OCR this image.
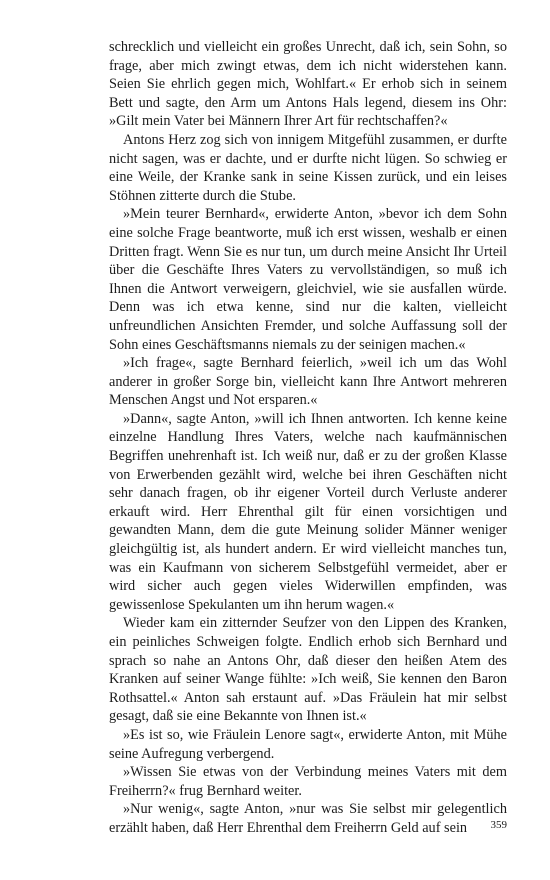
schrecklich und vielleicht ein großes Unrecht, daß ich, sein Sohn, so frage, aber mich zwingt etwas, dem ich nicht widerstehen kann. Seien Sie ehrlich gegen mich, Wohlfart.« Er erhob sich in seinem Bett und sagte, den Arm um Antons Hals legend, diesem ins Ohr: »Gilt mein Vater bei Männern Ihrer Art für rechtschaffen?«

Antons Herz zog sich von innigem Mitgefühl zusammen, er durfte nicht sagen, was er dachte, und er durfte nicht lügen. So schwieg er eine Weile, der Kranke sank in seine Kissen zurück, und ein leises Stöhnen zitterte durch die Stube.

»Mein teurer Bernhard«, erwiderte Anton, »bevor ich dem Sohn eine solche Frage beantworte, muß ich erst wissen, weshalb er einen Dritten fragt. Wenn Sie es nur tun, um durch meine Ansicht Ihr Urteil über die Geschäfte Ihres Vaters zu vervollständigen, so muß ich Ihnen die Antwort verweigern, gleichviel, wie sie ausfallen würde. Denn was ich etwa kenne, sind nur die kalten, vielleicht unfreundlichen Ansichten Fremder, und solche Auffassung soll der Sohn eines Geschäftsmanns niemals zu der seinigen machen.«

»Ich frage«, sagte Bernhard feierlich, »weil ich um das Wohl anderer in großer Sorge bin, vielleicht kann Ihre Antwort mehreren Menschen Angst und Not ersparen.«

»Dann«, sagte Anton, »will ich Ihnen antworten. Ich kenne keine einzelne Handlung Ihres Vaters, welche nach kaufmännischen Begriffen unehrenhaft ist. Ich weiß nur, daß er zu der großen Klasse von Erwerbenden gezählt wird, welche bei ihren Geschäften nicht sehr danach fragen, ob ihr eigener Vorteil durch Verluste anderer erkauft wird. Herr Ehrenthal gilt für einen vorsichtigen und gewandten Mann, dem die gute Meinung solider Männer weniger gleichgültig ist, als hundert andern. Er wird vielleicht manches tun, was ein Kaufmann von sicherem Selbstgefühl vermeidet, aber er wird sicher auch gegen vieles Widerwillen empfinden, was gewissenlose Spekulanten um ihn herum wagen.«

Wieder kam ein zitternder Seufzer von den Lippen des Kranken, ein peinliches Schweigen folgte. Endlich erhob sich Bernhard und sprach so nahe an Antons Ohr, daß dieser den heißen Atem des Kranken auf seiner Wange fühlte: »Ich weiß, Sie kennen den Baron Rothsattel.« Anton sah erstaunt auf. »Das Fräulein hat mir selbst gesagt, daß sie eine Bekannte von Ihnen ist.«

»Es ist so, wie Fräulein Lenore sagt«, erwiderte Anton, mit Mühe seine Aufregung verbergend.

»Wissen Sie etwas von der Verbindung meines Vaters mit dem Freiherrn?« frug Bernhard weiter.

»Nur wenig«, sagte Anton, »nur was Sie selbst mir gelegentlich erzählt haben, daß Herr Ehrenthal dem Freiherrn Geld auf sein	359
